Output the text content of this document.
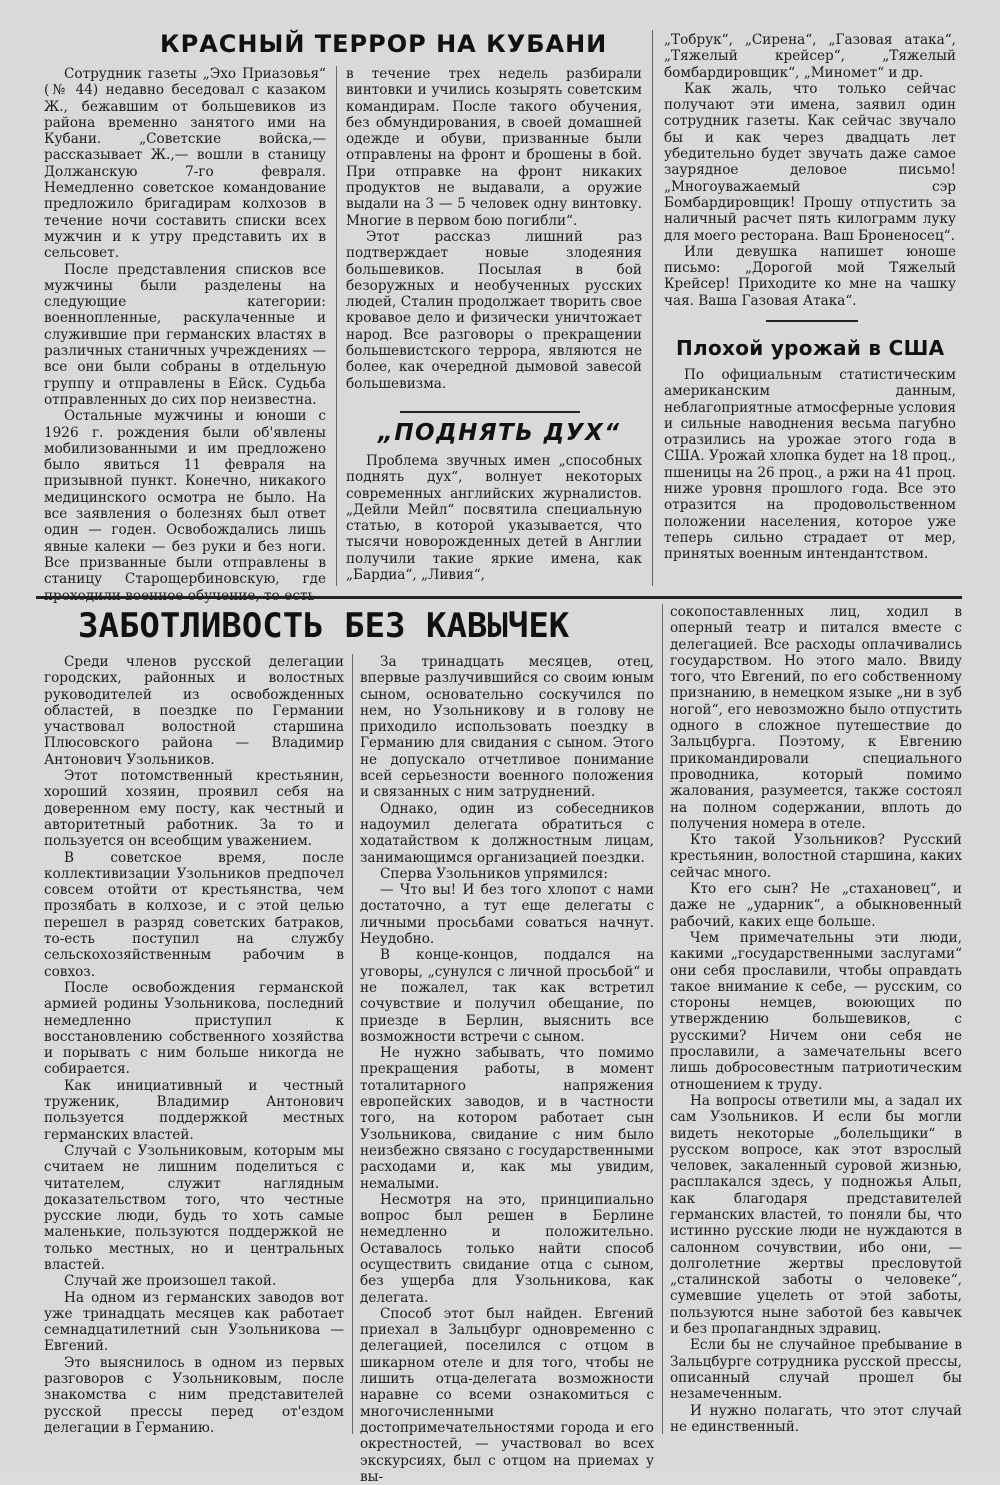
КРАСНЫЙ ТЕРРОР НА КУБАНИ

Сотрудник газеты „Эхо Приазовья“ (№ 44) недавно беседовал с казаком Ж., бежавшим от большевиков из района временно занятого ими на Кубани. „Советские войска,—рассказывает Ж.,— вошли в станицу Должанскую 7-го февраля. Немедленно советское командование предложило бригадирам колхозов в течение ночи составить списки всех мужчин и к утру представить их в сельсовет.

После представления списков все мужчины были разделены на следующие категории: военнопленные, раскулаченные и служившие при германских властях в различных станичных учреждениях — все они были собраны в отдельную группу и отправлены в Ейск. Судьба отправленных до сих пор неизвестна.

Остальные мужчины и юноши с 1926 г. рождения были об'явлены мобилизованными и им предложено было явиться 11 февраля на призывной пункт. Конечно, никакого медицинского осмотра не было. На все заявления о болезнях был ответ один — годен. Освобождались лишь явные калеки — без руки и без ноги. Все призванные были отправлены в станицу Старощербиновскую, где

в течение трех недель разбирали винтовки и учились козырять советским командирам. После такого обучения, без обмундирования, в своей домашней одежде и обуви, призванные были отправлены на фронт и брошены в бой. При отправке на фронт никаких продуктов не выдавали, а оружие выдали на 3 — 5 человек одну винтовку. Многие в первом бою погибли“.

Этот рассказ лишний раз подтверждает новые злодеяния большевиков. Посылая в бой безоружных и необученных русских людей, Сталин продолжает творить свое кровавое дело и физически уничтожает народ. Все разговоры о прекращении большевистского террора, являются не более, как очередной дымовой завесой большевизма.

„ПОДНЯТЬ ДУХ“

Проблема звучных имен „способных поднять дух“, волнует некоторых современных английских журналистов. „Дейли Мейл“ посвятила специальную статью, в которой указывается, что тысячи новорожденных детей в Англии получили такие яркие имена, как „Бардиа“, „Ливия“,

„Тобрук“, „Сирена“, „Газовая атака“, „Тяжелый крейсер“, „Тяжелый бомбардировщик“, „Миномет“ и др.

Как жаль, что только сейчас получают эти имена, заявил один сотрудник газеты. Как сейчас звучало бы и как через двадцать лет убедительно будет звучать даже самое заурядное деловое письмо! „Многоуважаемый сэр Бомбардировщик! Прошу отпустить за наличный расчет пять килограмм луку для моего ресторана. Ваш Броненосец“.

Или девушка напишет юноше письмо: „Дорогой мой Тяжелый Крейсер! Приходите ко мне на чашку чая. Ваша Газовая Атака“.

Плохой урожай в США

По официальным статистическим американским данным, неблагоприятные атмосферные условия и сильные наводнения весьма пагубно отразились на урожае этого года в США. Урожай хлопка будет на 18 проц., пшеницы на 26 проц., а ржи на 41 проц. ниже уровня прошлого года. Все это отразится на продовольственном положении населения, которое уже теперь сильно страдает от мер, принятых военным интендантством.

ЗАБОТЛИВОСТЬ БЕЗ КАВЫЧЕК

Среди членов русской делегации городских, районных и волостных руководителей из освобожденных областей, в поездке по Германии участвовал волостной старшина Плюсовского района — Владимир Антонович Узольников.

Этот потомственный крестьянин, хороший хозяин, проявил себя на доверенном ему посту, как честный и авторитетный работник. За то и пользуется он всеобщим уважением.

В советское время, после коллективизации Узольников предпочел совсем отойти от крестьянства, чем прозябать в колхозе, и с этой целью перешел в разряд советских батраков, то-есть поступил на службу сельскохозяйственным рабочим в совхоз.

После освобождения германской армией родины Узольникова, последний немедленно приступил к восстановлению собственного хозяйства и порывать с ним больше никогда не собирается.

Как инициативный и честный труженик, Владимир Антонович пользуется поддержкой местных германских властей.

Случай с Узольниковым, которым мы считаем не лишним поделиться с читателем, служит наглядным доказательством того, что честные русские люди, будь то хоть самые маленькие, пользуются поддержкой не только местных, но и центральных властей.

Случай же произошел такой.

На одном из германских заводов вот уже тринадцать месяцев как работает семнадцатилетний сын Узольникова — Евгений.

Это выяснилось в одном из первых разговоров с Узольниковым, после знакомства с ним представителей русской прессы перед от'ездом делегации в Германию.

За тринадцать месяцев, отец, впервые разлучившийся со своим юным сыном, основательно соскучился по нем, но Узольникову и в голову не приходило использовать поездку в Германию для свидания с сыном. Этого не допускало отчетливое понимание всей серьезности военного положения и связанных с ним затруднений.

Однако, один из собеседников надоумил делегата обратиться с ходатайством к должностным лицам, занимающимся организацией поездки.

Сперва Узольников упрямился:

— Что вы! И без того хлопот с нами достаточно, а тут еще делегаты с личными просьбами соваться начнут. Неудобно.

В конце-концов, поддался на уговоры, „сунулся с личной просьбой“ и не пожалел, так как встретил сочувствие и получил обещание, по приезде в Берлин, выяснить все возможности встречи с сыном.

Не нужно забывать, что помимо прекращения работы, в момент тоталитарного напряжения европейских заводов, и в частности того, на котором работает сын Узольникова, свидание с ним было неизбежно связано с государственными расходами и, как мы увидим, немалыми.

Несмотря на это, принципиально вопрос был решен в Берлине немедленно и положительно. Оставалось только найти способ осуществить свидание отца с сыном, без ущерба для Узольникова, как делегата.

Способ этот был найден. Евгений приехал в Зальцбург одновременно с делегацией, поселился с отцом в шикарном отеле и для того, чтобы не лишить отца-делегата возможности наравне со всеми ознакомиться с многочисленными достопримечательностями города и его окрестностей, — участвовал во всех экскурсиях, был с отцом на приемах у вы-

сокопоставленных лиц, ходил в оперный театр и питался вместе с делегацией. Все расходы оплачивались государством. Но этого мало. Ввиду того, что Евгений, по его собственному признанию, в немецком языке „ни в зуб ногой“, его невозможно было отпустить одного в сложное путешествие до Зальцбурга. Поэтому, к Евгению прикомандировали специального проводника, который помимо жалования, разумеется, также состоял на полном содержании, вплоть до получения номера в отеле.

Кто такой Узольников? Русский крестьянин, волостной старшина, каких сейчас много.

Кто его сын? Не „стахановец“, и даже не „ударник“, а обыкновенный рабочий, каких еще больше.

Чем примечательны эти люди, какими „государственными заслугами“ они себя прославили, чтобы оправдать такое внимание к себе, — русским, со стороны немцев, воюющих по утверждению большевиков, с русскими? Ничем они себя не прославили, а замечательны всего лишь добросовестным патриотическим отношением к труду.

На вопросы ответили мы, а задал их сам Узольников. И если бы могли видеть некоторые „болельщики“ в русском вопросе, как этот взрослый человек, закаленный суровой жизнью, расплакался здесь, у подножья Альп, как благодаря представителей германских властей, то поняли бы, что истинно русские люди не нуждаются в салонном сочувствии, ибо они, — долголетние жертвы пресловутой „сталинской заботы о человеке“, сумевшие уцелеть от этой заботы, пользуются ныне заботой без кавычек и без пропагандных здравиц.

Если бы не случайное пребывание в Зальцбурге сотрудника русской прессы, описанный случай прошел бы незамеченным.

И нужно полагать, что этот случай не единственный.
